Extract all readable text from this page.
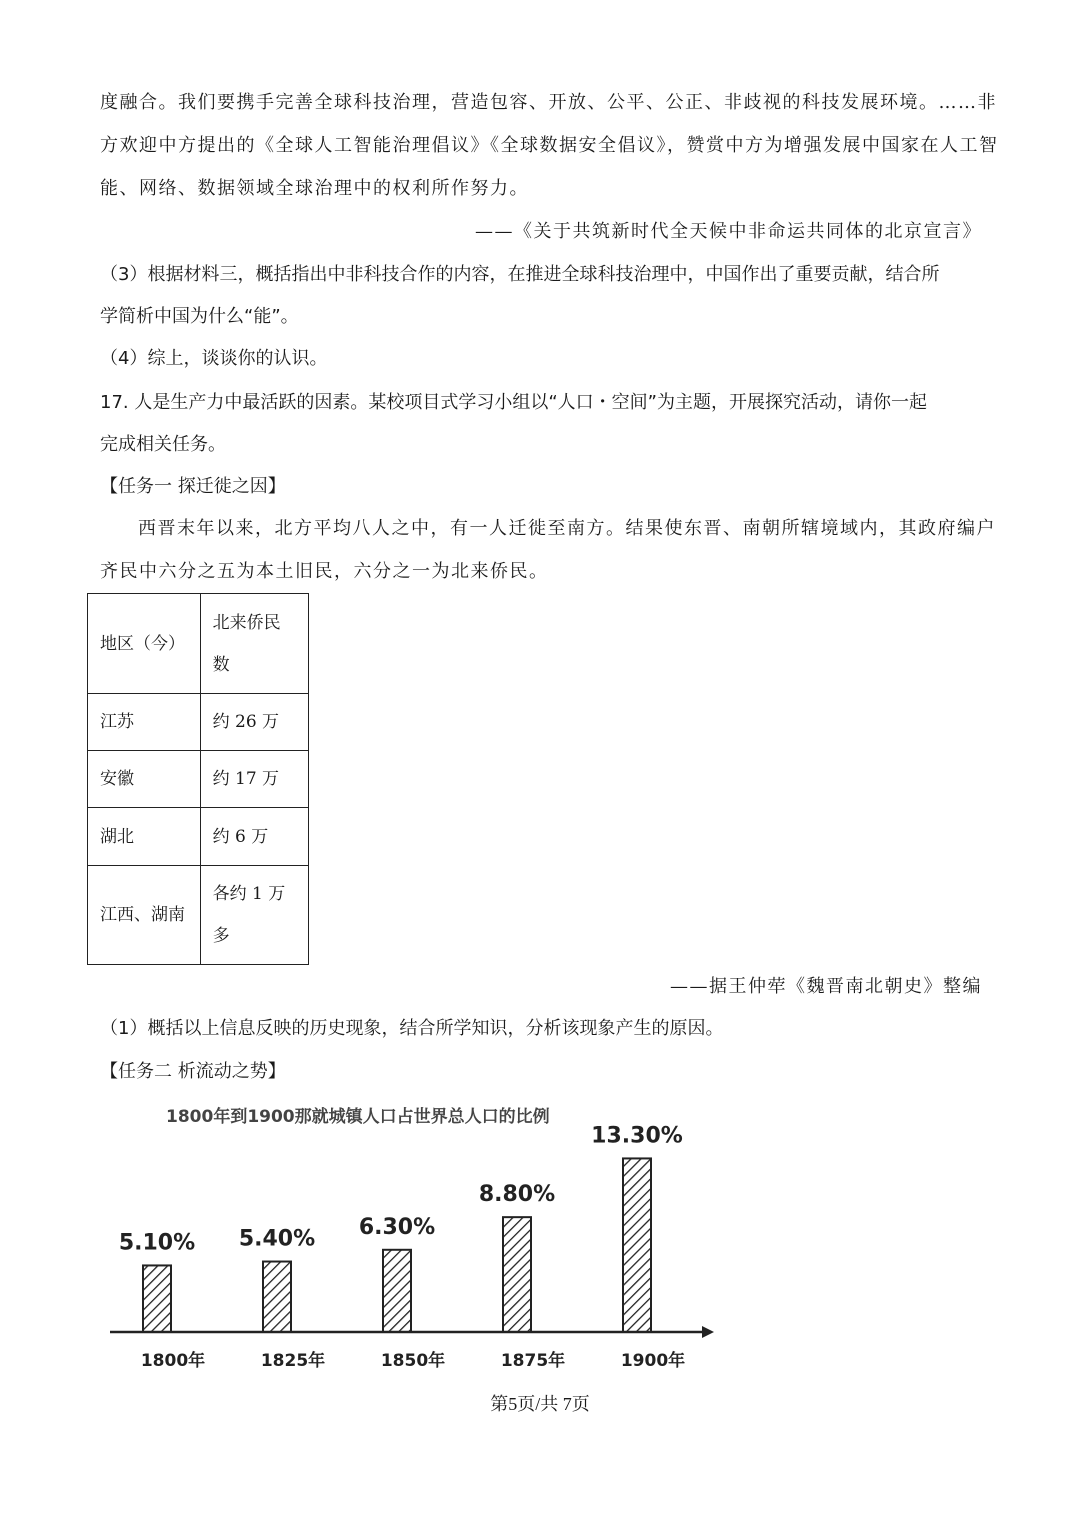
度融合。我们要携手完善全球科技治理，营造包容、开放、公平、公正、非歧视的科技发展环境。……非
方欢迎中方提出的《全球人工智能治理倡议》《全球数据安全倡议》，赞赏中方为增强发展中国家在人工智
能、网络、数据领域全球治理中的权利所作努力。
——《关于共筑新时代全天候中非命运共同体的北京宣言》
（3）根据材料三，概括指出中非科技合作的内容，在推进全球科技治理中，中国作出了重要贡献，结合所
学简析中国为什么“能”。
（4）综上，谈谈你的认识。
17. 人是生产力中最活跃的因素。某校项目式学习小组以“人口・空间”为主题，开展探究活动，请你一起
完成相关任务。
【任务一 探迁徙之因】
西晋末年以来，北方平均八人之中，有一人迁徙至南方。结果使东晋、南朝所辖境域内，其政府编户
齐民中六分之五为本土旧民，六分之一为北来侨民。
地区（今）	北来侨民
数

江苏	约 26 万
安徽	约 17 万
湖北	约 6 万
江西、湖南	各约 1 万
多
——据王仲荦《魏晋南北朝史》整编
（1）概括以上信息反映的历史现象，结合所学知识，分析该现象产生的原因。
【任务二 析流动之势】
1800年到1900那就城镇人口占世界总人口的比例
5.10%
1800年
5.40%
1825年
6.30%
1850年
8.80%
1875年
13.30%
1900年
第5页/共 7页
